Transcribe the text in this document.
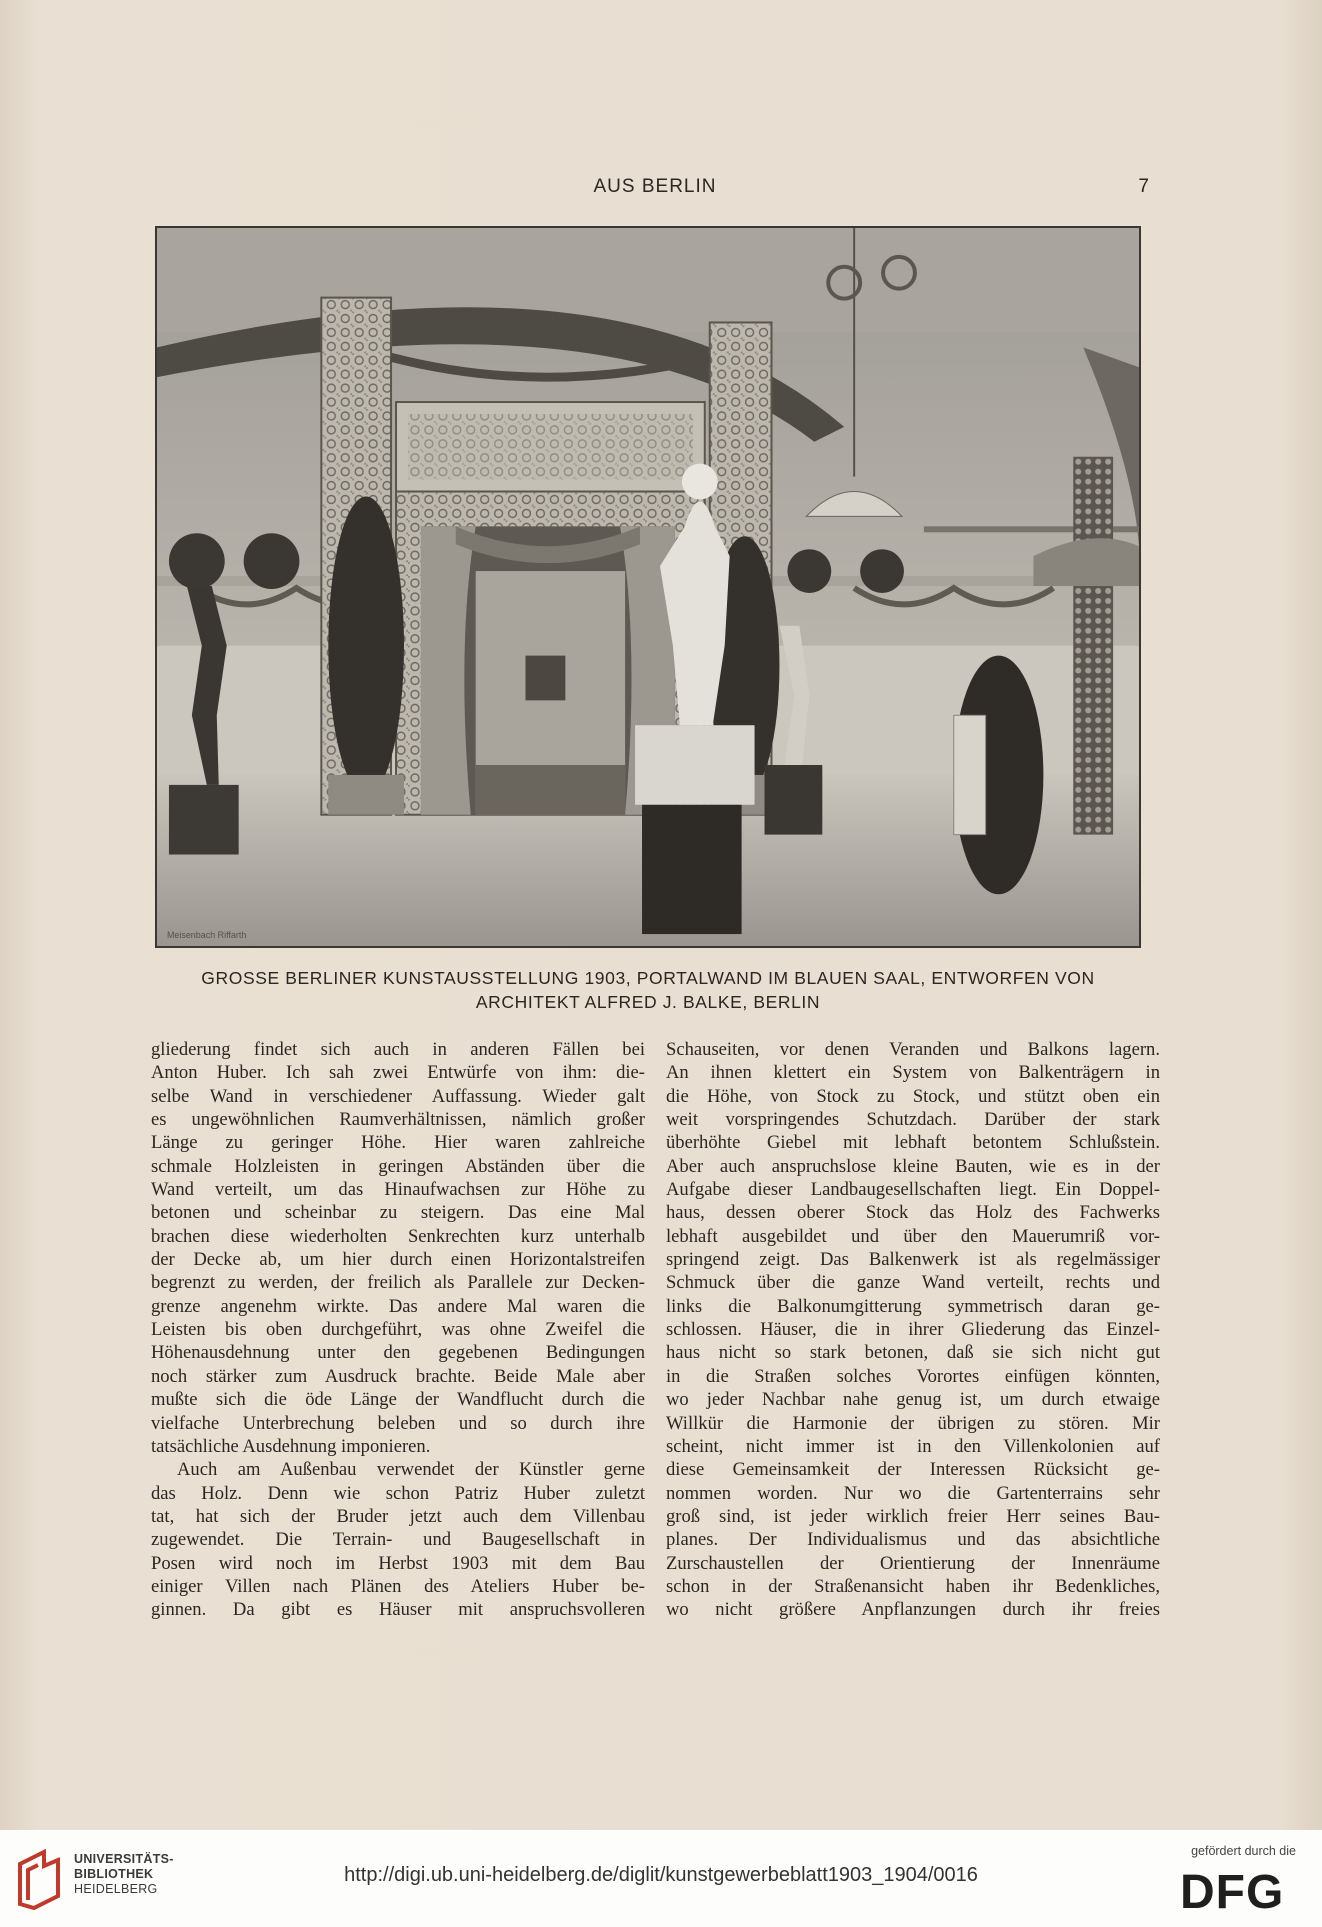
AUS BERLIN	7
Meisenbach Riffarth
GROSSE BERLINER KUNSTAUSSTELLUNG 1903, PORTALWAND IM BLAUEN SAAL, ENTWORFEN VON
ARCHITEKT ALFRED J. BALKE, BERLIN
gliederung findet sich auch in anderen Fällen bei
Anton Huber. Ich sah zwei Entwürfe von ihm: die-
selbe Wand in verschiedener Auffassung. Wieder galt
es ungewöhnlichen Raumverhältnissen, nämlich großer
Länge zu geringer Höhe. Hier waren zahlreiche
schmale Holzleisten in geringen Abständen über die
Wand verteilt, um das Hinaufwachsen zur Höhe zu
betonen und scheinbar zu steigern. Das eine Mal
brachen diese wiederholten Senkrechten kurz unterhalb
der Decke ab, um hier durch einen Horizontalstreifen
begrenzt zu werden, der freilich als Parallele zur Decken-
grenze angenehm wirkte. Das andere Mal waren die
Leisten bis oben durchgeführt, was ohne Zweifel die
Höhenausdehnung unter den gegebenen Bedingungen
noch stärker zum Ausdruck brachte. Beide Male aber
mußte sich die öde Länge der Wandflucht durch die
vielfache Unterbrechung beleben und so durch ihre
tatsächliche Ausdehnung imponieren.
Auch am Außenbau verwendet der Künstler gerne
das Holz. Denn wie schon Patriz Huber zuletzt
tat, hat sich der Bruder jetzt auch dem Villenbau
zugewendet. Die Terrain- und Baugesellschaft in
Posen wird noch im Herbst 1903 mit dem Bau
einiger Villen nach Plänen des Ateliers Huber be-
ginnen. Da gibt es Häuser mit anspruchsvolleren
Schauseiten, vor denen Veranden und Balkons lagern.
An ihnen klettert ein System von Balkenträgern in
die Höhe, von Stock zu Stock, und stützt oben ein
weit vorspringendes Schutzdach. Darüber der stark
überhöhte Giebel mit lebhaft betontem Schlußstein.
Aber auch anspruchslose kleine Bauten, wie es in der
Aufgabe dieser Landbaugesellschaften liegt. Ein Doppel-
haus, dessen oberer Stock das Holz des Fachwerks
lebhaft ausgebildet und über den Mauerumriß vor-
springend zeigt. Das Balkenwerk ist als regelmässiger
Schmuck über die ganze Wand verteilt, rechts und
links die Balkonumgitterung symmetrisch daran ge-
schlossen. Häuser, die in ihrer Gliederung das Einzel-
haus nicht so stark betonen, daß sie sich nicht gut
in die Straßen solches Vorortes einfügen könnten,
wo jeder Nachbar nahe genug ist, um durch etwaige
Willkür die Harmonie der übrigen zu stören. Mir
scheint, nicht immer ist in den Villenkolonien auf
diese Gemeinsamkeit der Interessen Rücksicht ge-
nommen worden. Nur wo die Gartenterrains sehr
groß sind, ist jeder wirklich freier Herr seines Bau-
planes. Der Individualismus und das absichtliche
Zurschaustellen der Orientierung der Innenräume
schon in der Straßenansicht haben ihr Bedenkliches,
wo nicht größere Anpflanzungen durch ihr freies
UNIVERSITÄTS-
BIBLIOTHEK
HEIDELBERG
http://digi.ub.uni-heidelberg.de/diglit/kunstgewerbeblatt1903_1904/0016
gefördert durch die
DFG
